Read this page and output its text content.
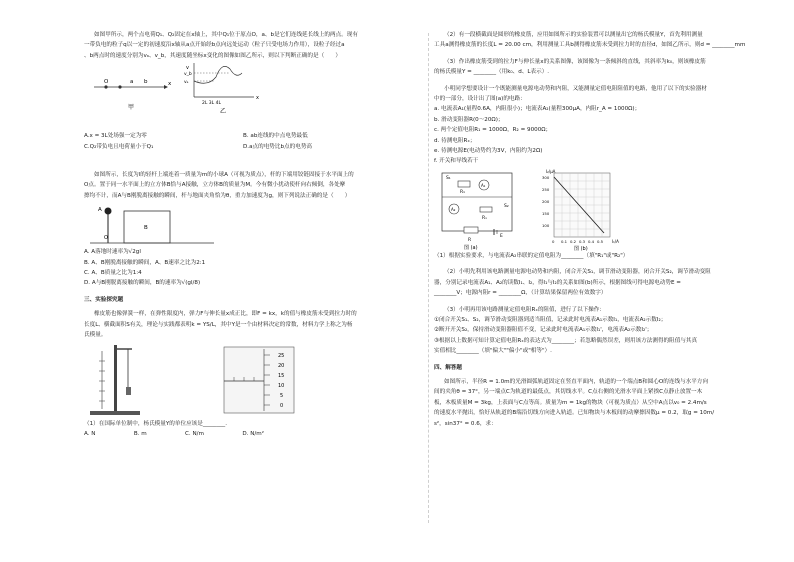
如图甲所示，两个点电荷Q₁、Q₂固定在x轴上，其中Q₁位于原点O，a、b是它们连线延长线上的两点。现有

一带负电的粒子q以一定的初速度沿x轴从a点开始经b点向远处运动（粒子只受电场力作用），设粒子经过a

、b两点时的速度分别为vₐ、v_b，其速度随坐标x变化的图像如图乙所示，则以下判断正确的是（　　）

O	a b	x
甲
v
v_b
vₐ
2L 3L 4L
x
乙
A.x = 3L处场强一定为零	B. ab连线的中点电势最低
C.Q₂带负电且电荷量小于Q₁	D.a点的电势比b点的电势高

如图所示，长度为l的轻杆上端连着一质量为m的小球A（可视为质点），杆的下端用铰链固接于水平面上的

O点。置于同一水平面上的立方体B恰与A接触，立方体B的质量为M。今有微小扰动使杆向右倾倒，各处摩

擦均不计，而A与B刚脱离接触的瞬间，杆与地面夹角恰为θ，重力加速度为g，则下列说法正确的是（　　）

A
B
O

A. A落地时速率为√2gl

B. A、B刚脱离接触的瞬间，A、B速率之比为2:1

C. A、B质量之比为1:4

D. A与B刚脱离接触的瞬间，B的速率为√(gl/8)

三、实验探究题

橡皮筋也像弹簧一样，在弹性限度内，弹力F与伸长量x成正比，即F = kx，k的值与橡皮筋未受到拉力时的

长度L、横截面积S有关，理论与实践都表明k = YS/L，其中Y是一个由材料决定的常数，材料力学上称之为杨

氏模量。

0
5
10
15
20
25

（1）在国际单位制中，杨氏模量Y的单位应该是________.

A. N	B. m	C. N/m	D. N/m²

（2）有一段横截面是圆形的橡皮筋，应用如图所示的实验装置可以测量出它的杨氏模量Y，首先利用测量

工具a测得橡皮筋的长度L = 20.00 cm，利用测量工具b测得橡皮筋未受到拉力时的直径d，如图乙所示，则d = ________mm

（3）作出橡皮筋受到的拉力F与伸长量x的关系图像，该图像为一条倾斜的直线，其斜率为k₀，则该橡皮筋

的杨氏模量Y = ________（用k₀、d、L表示）.

小明同学想要设计一个既能测量电源电动势和内阻，又能测量定值电阻阻值的电路，他用了以下的实验器材

中的一部分，设计出了图(a)的电路：

a. 电流表A₁(量程0.6A，内阻很小)；电流表A₂(量程300μA，内阻r_A = 1000Ω)；

b. 滑动变阻器R(0～20Ω)；

c. 两个定值电阻R₁ = 1000Ω，R₂ = 9000Ω；

d. 待测电阻Rₓ；

e. 待测电源E(电动势约为3V，内阻约为2Ω)

f. 开关和导线若干

S₁
R₁
A₁
A₂
Rₓ
E
S₂
R
图 (a)
I₂/μA
I₁/A
300
250
200
150
100
0 0.1 0.2 0.3 0.4 0.5
图 (b)

（1）根据实验要求，与电流表A₂串联的定值电阻为________（填"R₁"或"R₂"）

（2）小明先利用该电路测量电源电动势和内阻，闭合开关S₁，调节滑动变阻器，闭合开关S₂，调节滑动变阻

器，分别记录电流表A₁、A₂的读数I₁、I₂，得I₁与I₂的关系如图(b)所示，根据图线可得电源电动势E =

________V；电源内阻r = ________Ω，（计算结果保留两位有效数字）

（3）小明再用该电路测量定值电阻Rₓ的阻值，进行了以下操作：

①闭合开关S₁、S₂，调节滑动变阻器到适当阻值，记录此时电流表A₁示数I₁，电流表A₂示数I₂；

②断开开关S₂，保持滑动变阻器阻值不变，记录此时电流表A₁示数I₁'，电流表A₂示数I₂'；

③根据以上数据可知计算定值电阻Rₓ的表达式为________；若忽略偶然误差，则用该方法测得的阻值与其真

实值相比________（填"偏大""偏小"或"相等"）.

四、解答题

如图所示，半径R = 1.0m的光滑圆弧轨道固定在竖直平面内，轨道的一个端点B和圆心O的连线与水平方向

间的夹角θ = 37°，另一端点C为轨道的最低点，其切线水平。C点右侧的光滑水平面上紧挨C点静止放置一木

板，木板质量M = 3kg，上表面与C点等高。质量为m = 1kg的物块（可视为质点）从空中A点以v₀ = 2.4m/s

的速度水平抛出，恰好从轨道的B端沿切线方向进入轨道。已知物块与木板间的动摩擦因数μ = 0.2，取g = 10m/

s²，sin37° = 0.6，求：
